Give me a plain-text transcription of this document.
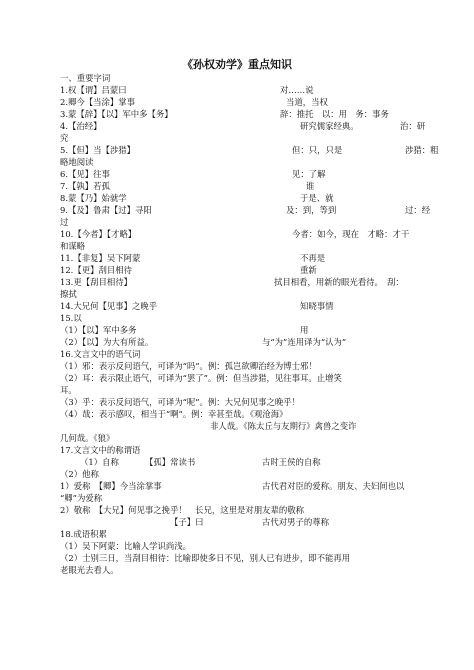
《孙权劝学》重点知识
一、重要字词
1.权【谓】吕蒙曰	对……说
2.卿今【当涂】掌事	当道，当权
3.蒙【辞】【以】军中多【务】	辞：推托　以：用　务：事务
4.【治经】	研究儒家经典。	治：研
究
5.【但】当【涉猎】	但：只，只是	涉猎：粗
略地阅读
6.【见】往事	见：了解
7.【孰】若孤	谁
8.蒙【乃】始就学	于是、就
9.【及】鲁肃【过】寻阳	及：到，等到	过：经
过
10.【今者】【才略】	今者：如今，现在　才略：才干
和谋略
11.【非复】吴下阿蒙	不再是
12.【更】刮目相待	重新
13.更【刮目相待】	拭目相看，用新的眼光看待。　刮：
擦拭
14.大兄何【见事】之晚乎	知晓事情
15.以
（1）【以】军中多务	用
（2）【以】为大有所益。	与“为”连用译为“认为”
16.文言文中的语气词
（1）邪：表示反问语气，可译为“吗”。例：孤岂欲卿治经为博士邪！
（2）耳：表示限止语气，可译为“罢了”。例：但当涉猎，见往事耳。止增笑
耳。
（3）乎：表示反问语气，可译为“呢”。例：大兄何见事之晚乎！
（4）哉：表示感叹，相当于“啊”。例：幸甚至哉。《观沧海》
非人哉。《陈太丘与友期行》禽兽之变诈
几何哉。《狼》
17.文言文中的称谓语
（1）自称	【孤】常读书	古时王侯的自称
（2）他称
1）爱称　【卿】今当涂掌事	古代君对臣的爱称。朋友、夫妇间也以
“卿”为爱称
2）敬称　【大兄】何见事之挽乎！　长兄，这里是对朋友辈的敬称
【子】曰	古代对男子的尊称
18.成语积累
（1）吴下阿蒙：比喻人学识尚浅。
（2）士别三日，当刮目相待：比喻即使多日不见，别人已有进步，即不能再用
老眼光去看人。
